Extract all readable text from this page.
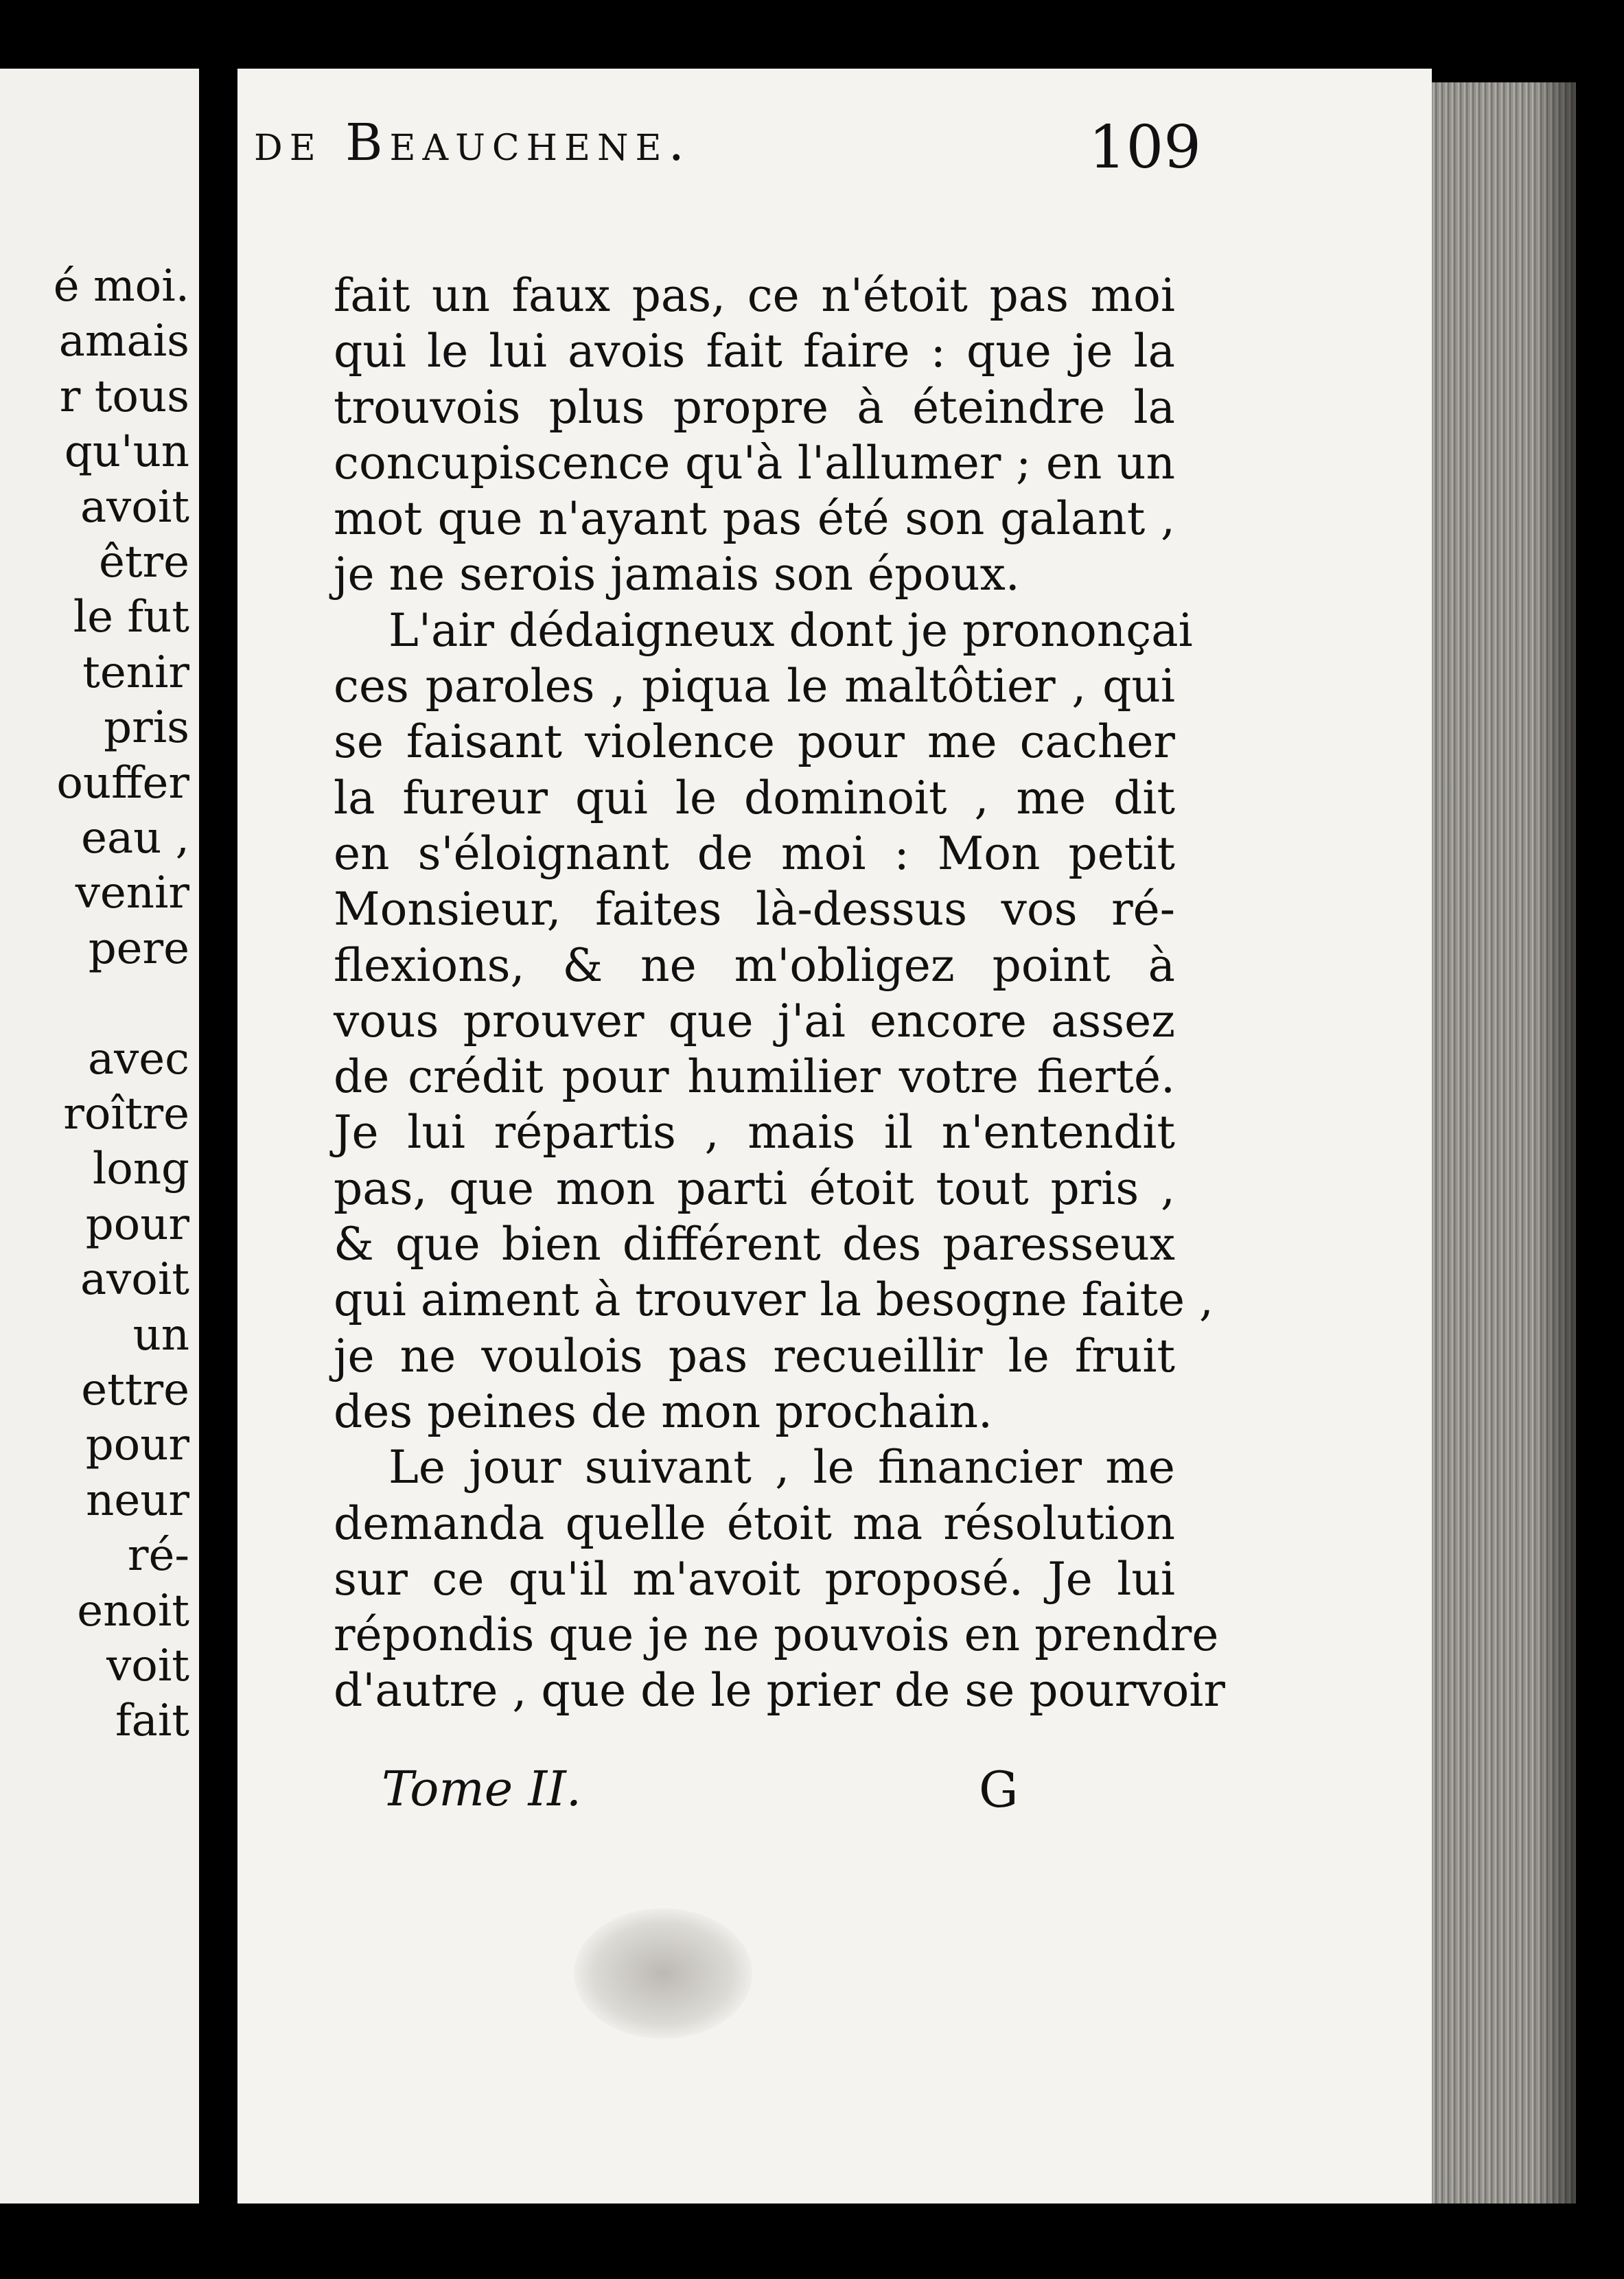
é moi.
amais
r tous
qu'un
avoit
être
le fut
tenir
pris
ouffer
eau ,
venir
pere
avec
roître
long
pour
avoit
un
ettre
pour
neur
ré-
enoit
voit
fait
de Beauchene.	109
fait un faux pas, ce n'étoit pas moi
qui le lui avois fait faire : que je la
trouvois plus propre à éteindre la
concupiscence qu'à l'allumer ; en un
mot que n'ayant pas été son galant ,
je ne serois jamais son époux.
L'air dédaigneux dont je prononçai
ces paroles , piqua le maltôtier , qui
se faisant violence pour me cacher
la fureur qui le dominoit , me dit
en s'éloignant de moi : Mon petit
Monsieur, faites là-dessus vos ré-
flexions, & ne m'obligez point à
vous prouver que j'ai encore assez
de crédit pour humilier votre fierté.
Je lui répartis , mais il n'entendit
pas, que mon parti étoit tout pris ,
& que bien différent des paresseux
qui aiment à trouver la besogne faite ,
je ne voulois pas recueillir le fruit
des peines de mon prochain.
Le jour suivant , le financier me
demanda quelle étoit ma résolution
sur ce qu'il m'avoit proposé. Je lui
répondis que je ne pouvois en prendre
d'autre , que de le prier de se pourvoir
Tome II.	G
